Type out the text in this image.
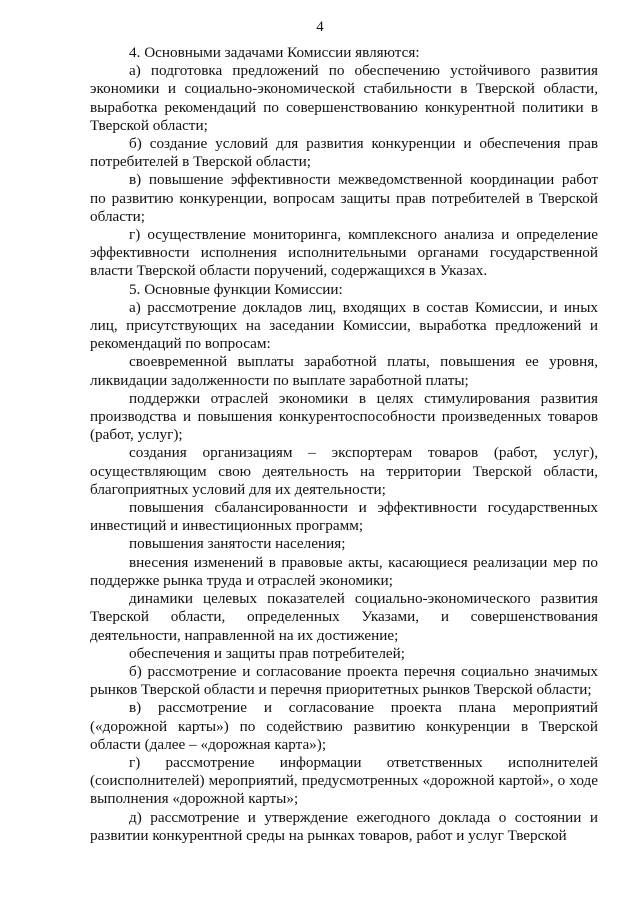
4

4. Основными задачами Комиссии являются:

а) подготовка предложений по обеспечению устойчивого развития экономики и социально-экономической стабильности в Тверской области, выработка рекомендаций по совершенствованию конкурентной политики в Тверской области;

б) создание условий для развития конкуренции и обеспечения прав потребителей в Тверской области;

в) повышение эффективности межведомственной координации работ по развитию конкуренции, вопросам защиты прав потребителей в Тверской области;

г) осуществление мониторинга, комплексного анализа и определение эффективности исполнения исполнительными органами государственной власти Тверской области поручений, содержащихся в Указах.

5. Основные функции Комиссии:

а) рассмотрение докладов лиц, входящих в состав Комиссии, и иных лиц, присутствующих на заседании Комиссии, выработка предложений и рекомендаций по вопросам:

своевременной выплаты заработной платы, повышения ее уровня, ликвидации задолженности по выплате заработной платы;

поддержки отраслей экономики в целях стимулирования развития производства и повышения конкурентоспособности произведенных товаров (работ, услуг);

создания организациям – экспортерам товаров (работ, услуг), осуществляющим свою деятельность на территории Тверской области, благоприятных условий для их деятельности;

повышения сбалансированности и эффективности государственных инвестиций и инвестиционных программ;

повышения занятости населения;

внесения изменений в правовые акты, касающиеся реализации мер по поддержке рынка труда и отраслей экономики;

динамики целевых показателей социально-экономического развития Тверской области, определенных Указами, и совершенствования деятельности, направленной на их достижение;

обеспечения и защиты прав потребителей;

б) рассмотрение и согласование проекта перечня социально значимых рынков Тверской области и перечня приоритетных рынков Тверской области;

в) рассмотрение и согласование проекта плана мероприятий («дорожной карты») по содействию развитию конкуренции в Тверской области (далее – «дорожная карта»);

г) рассмотрение информации ответственных исполнителей (соисполнителей) мероприятий, предусмотренных «дорожной картой», о ходе выполнения «дорожной карты»;

д) рассмотрение и утверждение ежегодного доклада о состоянии и развитии конкурентной среды на рынках товаров, работ и услуг Тверской
